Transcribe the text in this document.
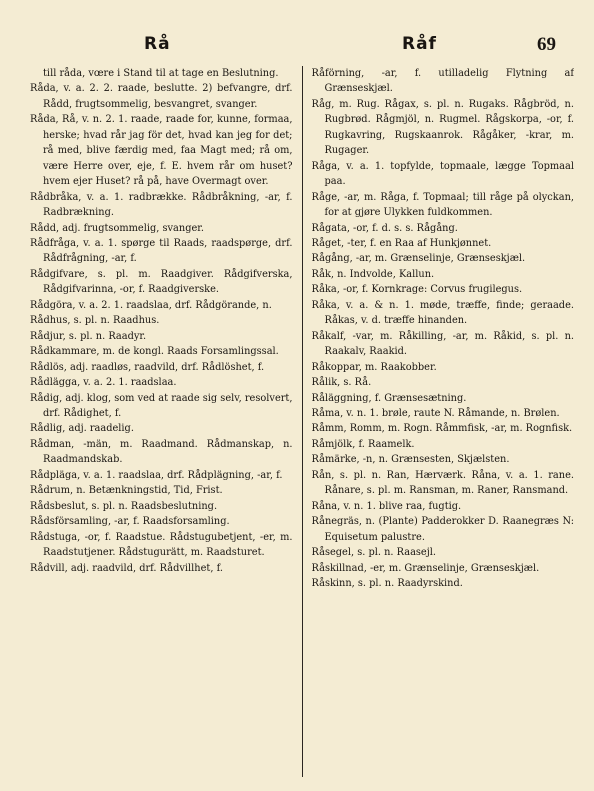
Rå	Råf	69

till råda, vœre i Stand til at tage en Beslutning.

Råda, v. a. 2. 2. raade, beslutte. 2) befvangre, drf. Rådd, frugtsommelig, besvangret, svanger.

Råda, Rå, v. n. 2. 1. raade, raade for, kunne, formaa, herske; hvad rår jag för det, hvad kan jeg for det; rå med, blive færdig med, faa Magt med; rå om, være Herre over, eje, f. E. hvem rår om huset? hvem ejer Huset? rå på, have Overmagt over.

Rådbråka, v. a. 1. radbrække. Rådbråkning, -ar, f. Radbrækning.

Rådd, adj. frugtsommelig, svanger.

Rådfråga, v. a. 1. spørge til Raads, raadspørge, drf. Rådfrågning, -ar, f.

Rådgifvare, s. pl. m. Raadgiver. Rådgifverska, Rådgifvarinna, -or, f. Raadgiverske.

Rådgöra, v. a. 2. 1. raadslaa, drf. Rådgörande, n.

Rådhus, s. pl. n. Raadhus.

Rådjur, s. pl. n. Raadyr.

Rådkammare, m. de kongl. Raads Forsamlingssal.

Rådlös, adj. raadløs, raadvild, drf. Rådlöshet, f.

Rådlägga, v. a. 2. 1. raadslaa.

Rådig, adj. klog, som ved at raade sig selv, resolvert, drf. Rådighet, f.

Rådlig, adj. raadelig.

Rådman, -män, m. Raadmand. Rådmanskap, n. Raadmandskab.

Rådpläga, v. a. 1. raadslaa, drf. Rådplägning, -ar, f.

Rådrum, n. Betænkningstid, Tid, Frist.

Rådsbeslut, s. pl. n. Raadsbeslutning.

Rådsförsamling, -ar, f. Raadsforsamling.

Rådstuga, -or, f. Raadstue. Rådstugubetjent, -er, m. Raadstutjener. Rådstugurätt, m. Raadsturet.

Rådvill, adj. raadvild, drf. Rådvillhet, f.

Råförning, -ar, f. utilladelig Flytning af Grænseskjæl.

Råg, m. Rug. Rågax, s. pl. n. Rugaks. Rågbröd, n. Rugbrød. Rågmjöl, n. Rugmel. Rågskorpa, -or, f. Rugkavring, Rugskaanrok. Rågåker, -krar, m. Rugager.

Råga, v. a. 1. topfylde, topmaale, lægge Topmaal paa.

Råge, -ar, m. Råga, f. Topmaal; till råge på olyckan, for at gjøre Ulykken fuldkommen.

Rågata, -or, f. d. s. s. Rågång.

Råget, -ter, f. en Raa af Hunkjønnet.

Rågång, -ar, m. Grænselinje, Grænseskjæl.

Råk, n. Indvolde, Kallun.

Råka, -or, f. Kornkrage: Corvus frugilegus.

Råka, v. a. & n. 1. møde, træffe, finde; geraade. Råkas, v. d. træffe hinanden.

Råkalf, -var, m. Råkilling, -ar, m. Råkid, s. pl. n. Raakalv, Raakid.

Råkoppar, m. Raakobber.

Rålik, s. Rå.

Råläggning, f. Grænsesætning.

Råma, v. n. 1. brøle, raute N. Råmande, n. Brølen.

Råmm, Romm, m. Rogn. Råmmfisk, -ar, m. Rognfisk.

Råmjölk, f. Raamelk.

Råmärke, -n, n. Grænsesten, Skjælsten.

Rån, s. pl. n. Ran, Hærværk. Råna, v. a. 1. rane. Rånare, s. pl. m. Ransman, m. Raner, Ransmand.

Råna, v. n. 1. blive raa, fugtig.

Rånegräs, n. (Plante) Padderokker D. Raanegræs N: Equisetum palustre.

Råsegel, s. pl. n. Raasejl.

Råskillnad, -er, m. Grænselinje, Grænseskjæl.

Råskinn, s. pl. n. Raadyrskind.
